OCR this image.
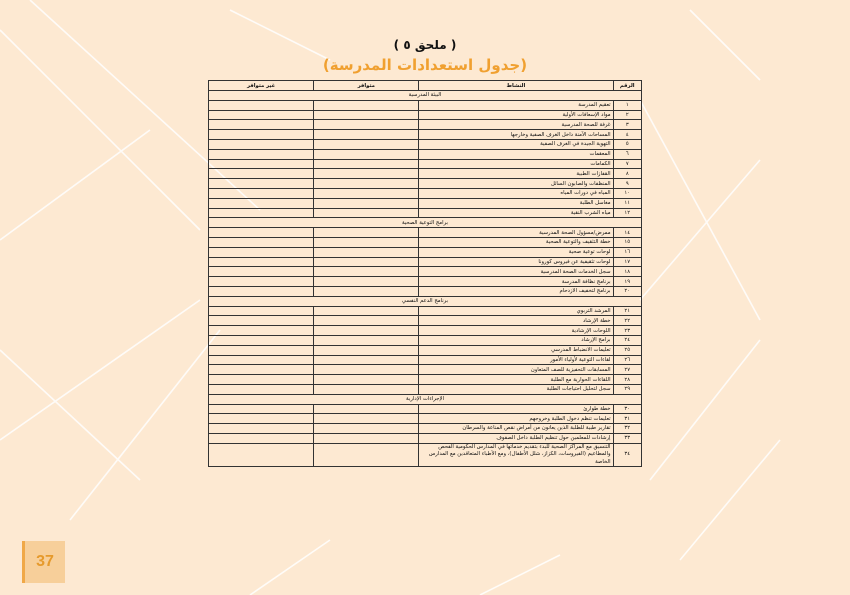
37
( ملحق ٥ )
(جدول استعدادات المدرسة)
الرقم	النشاط	متوافر	غير متوافر
البيئة المدرسية			
١	تعقيم المدرسة		
٢	مواد الإسعافات الأولية		
٣	غرفة للصحة المدرسية		
٤	المساحات الآمنة داخل الغرف الصفية وخارجها		
٥	التهوية الجيدة في الغرف الصفية		
٦	المعقمات		
٧	الكمامات		
٨	القفازات الطبية		
٩	المنظفات والصابون السائل		
١٠	المياه في دورات المياه		
١١	مغاسل الطلبة		
١٢	مياه الشرب النقية		
برامج التوعية الصحية			
١٤	ممرض/مسؤول الصحة المدرسية		
١٥	خطة التثقيف والتوعية الصحية		
١٦	لوحات توعية صحية		
١٧	لوحات تثقيفية عن فيروس كورونا		
١٨	سجل الخدمات الصحة المدرسية		
١٩	برنامج نظافة المدرسة		
٢٠	برنامج لتخفيف الازدحام		
برنامج الدعم النفسي			
٢١	المرشد التربوي		
٢٢	خطة الإرشاد		
٢٣	اللوحات الإرشادية		
٢٤	برامج الإرشاد		
٢٥	تعليمات الانضباط المدرسي		
٢٦	لقاءات التوعية لأولياء الأمور		
٢٧	المسابقات التحفيزية للصف المتعاون		
٢٨	اللقاءات الحوارية مع الطلبة		
٢٩	سجل لتحليل احتياجات الطلبة		
الإجراءات الإدارية			
٣٠	خطة طوارئ		
٣١	تعليمات تنظم دخول الطلبة وخروجهم		
٣٢	تقارير طبية للطلبة الذين يعانون من أمراض نقص المناعة والسرطان		
٣٣	إرشادات للمعلمين حول تنظيم الطلبة داخل الصفوف		
٣٤	التنسيق مع المراكز الصحية للبدء بتقديم خدماتها في المدارس الحكومية الفحص والمطاعيم (الفيروسات، الكزاز، شلل الأطفال)، ومع الأطباء المتعاقدين مع المدارس الخاصة		
